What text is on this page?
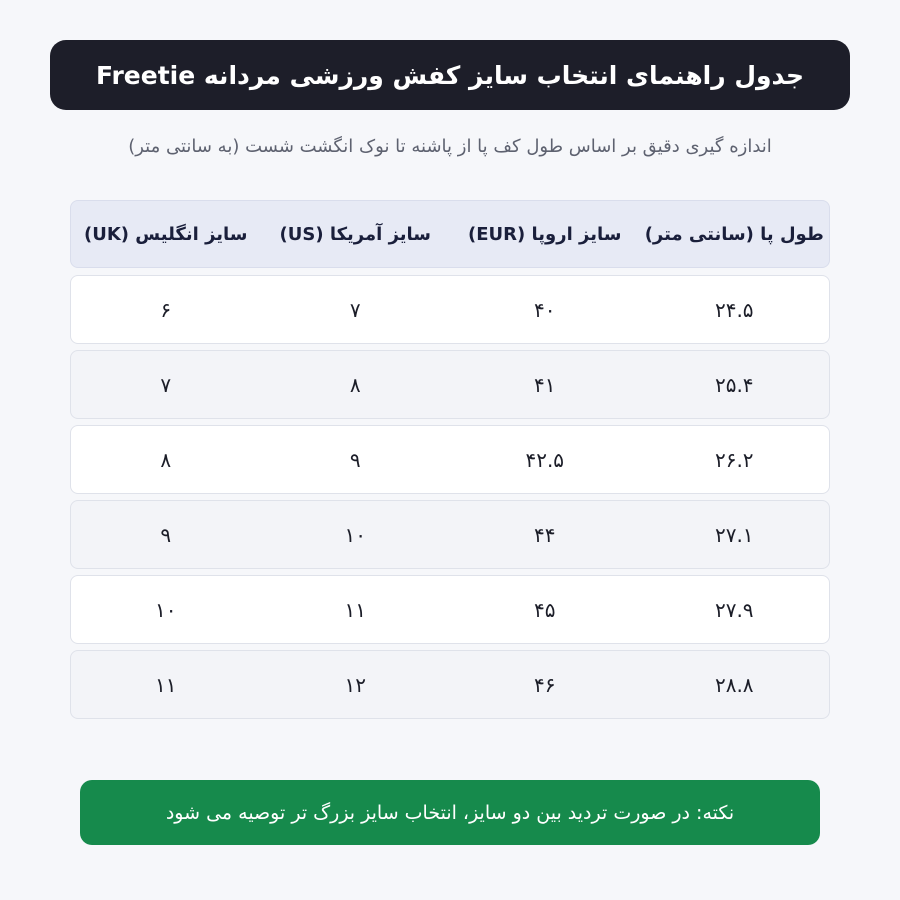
جدول راهنمای انتخاب سایز کفش ورزشی مردانه Freetie
اندازه گیری دقیق بر اساس طول کف پا از پاشنه تا نوک انگشت شست (به سانتی متر)
طول پا (سانتی متر)
سایز اروپا (EUR)
سایز آمریکا (US)
سایز انگلیس (UK)
۲۴.۵
۴۰
۷
۶
۲۵.۴
۴۱
۸
۷
۲۶.۲
۴۲.۵
۹
۸
۲۷.۱
۴۴
۱۰
۹
۲۷.۹
۴۵
۱۱
۱۰
۲۸.۸
۴۶
۱۲
۱۱
نکته: در صورت تردید بین دو سایز، انتخاب سایز بزرگ تر توصیه می شود
